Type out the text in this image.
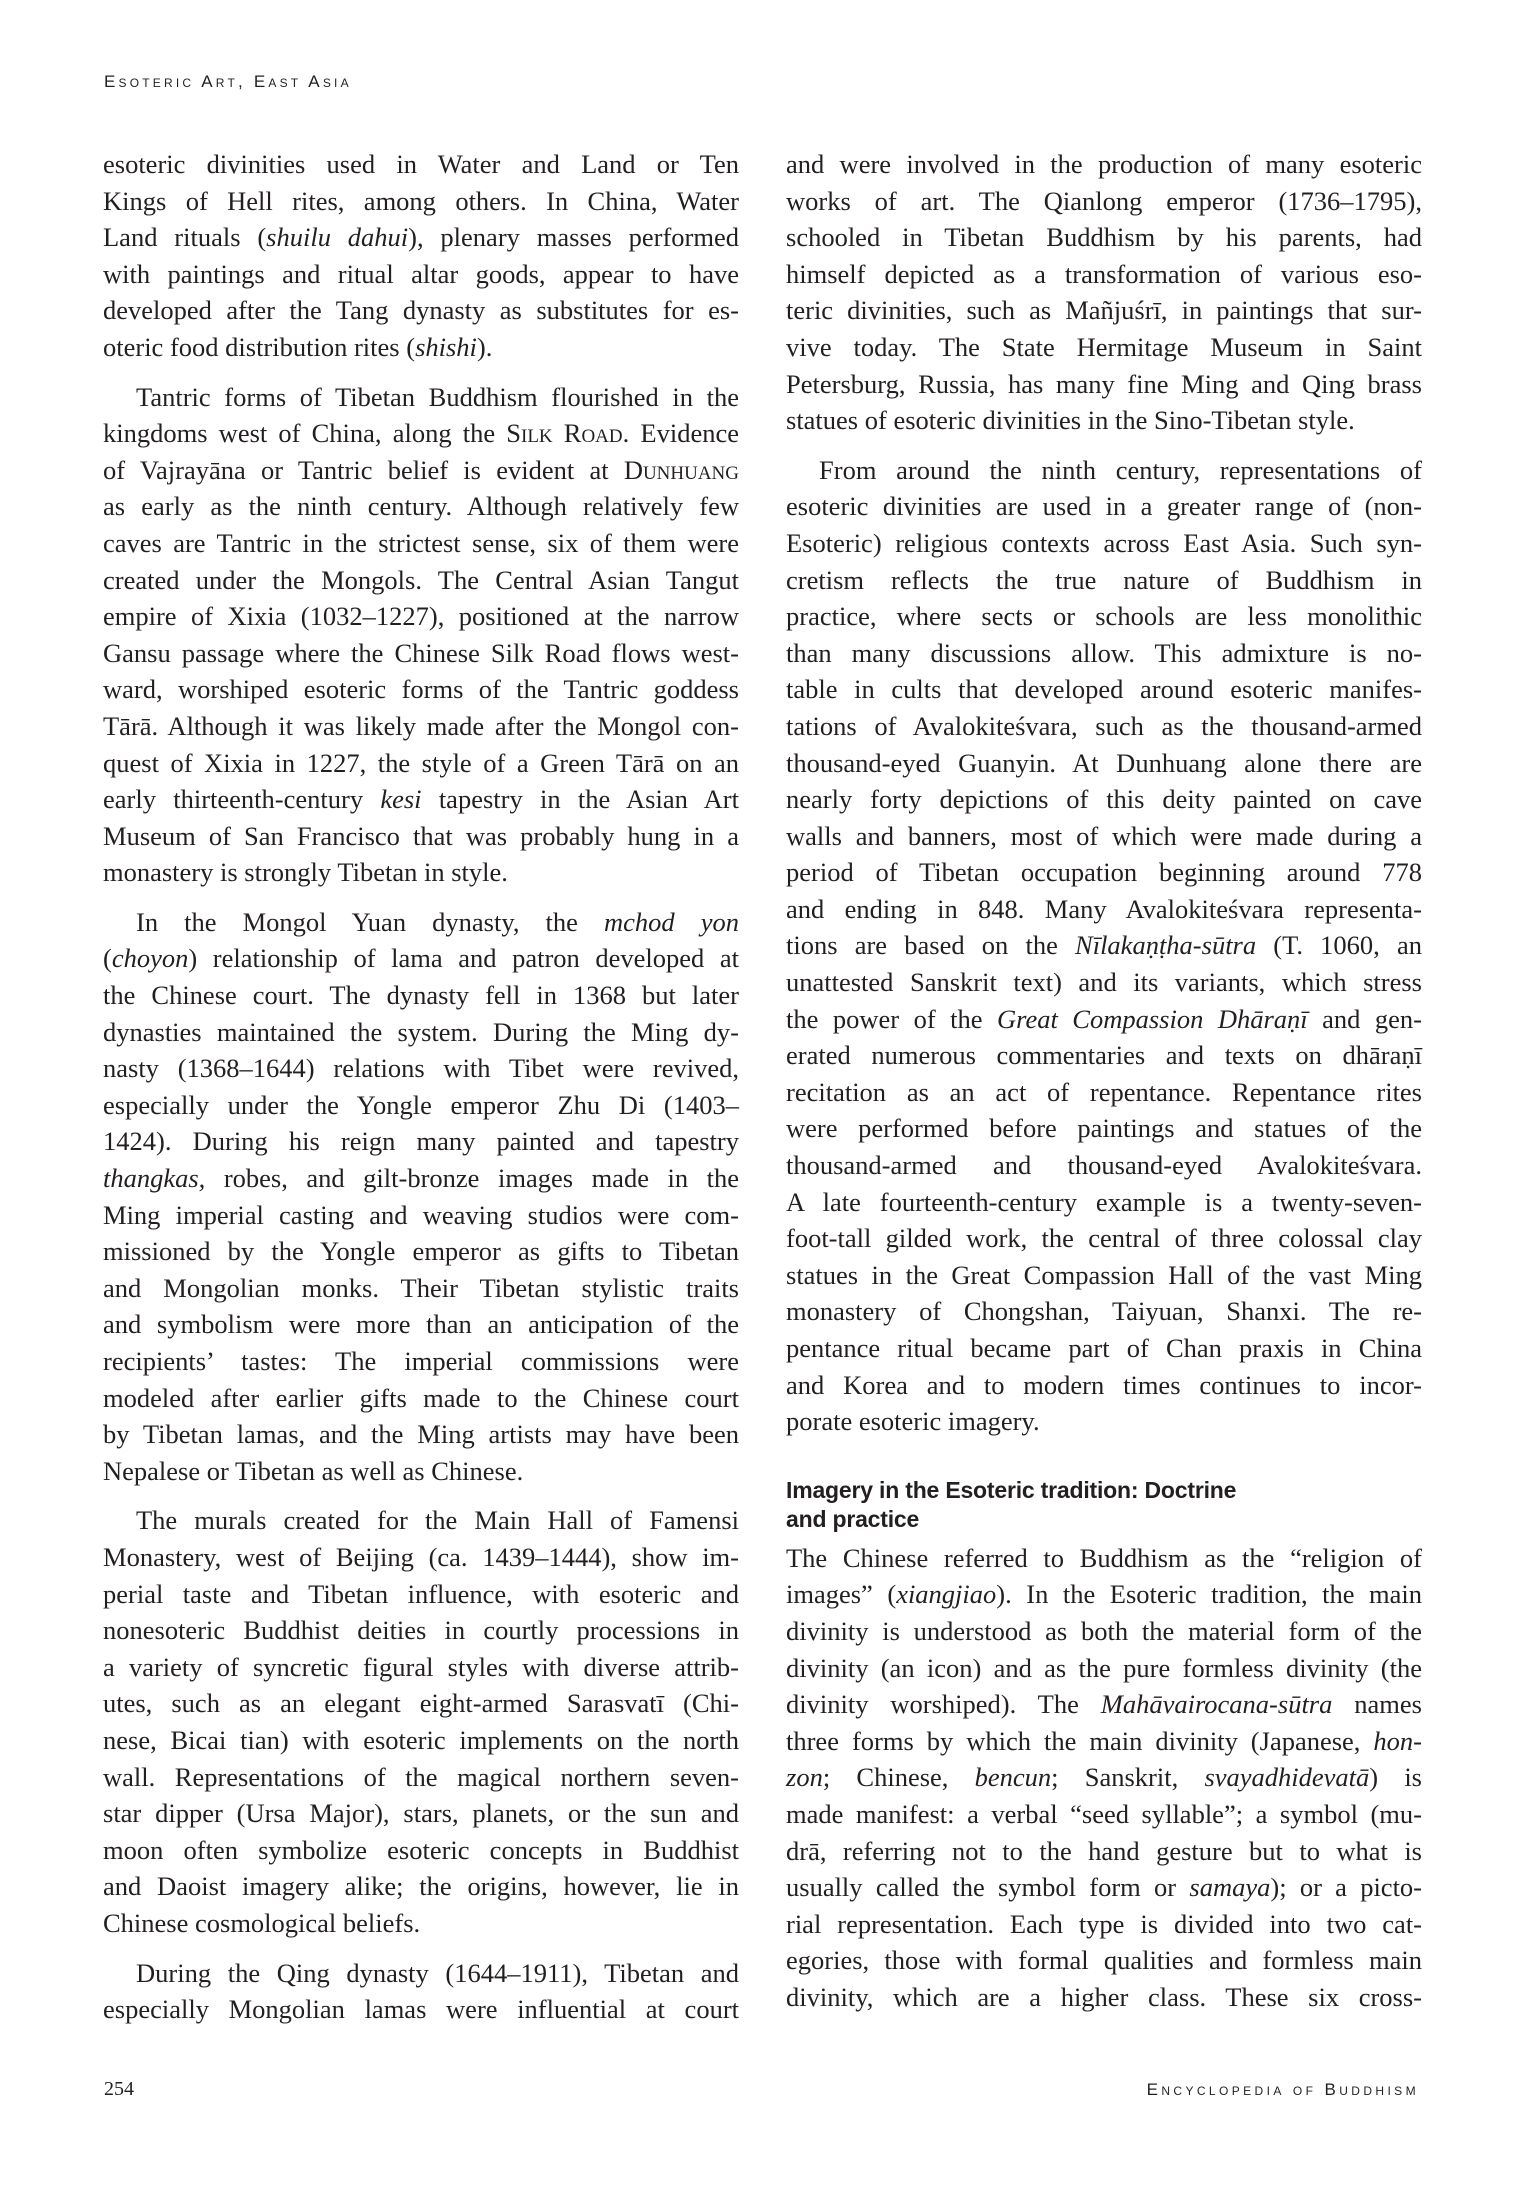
Esoteric Art, East Asia
esoteric divinities used in Water and Land or Ten
Kings of Hell rites, among others. In China, Water
Land rituals (shuilu dahui), plenary masses performed
with paintings and ritual altar goods, appear to have
developed after the Tang dynasty as substitutes for es-
oteric food distribution rites (shishi).
Tantric forms of Tibetan Buddhism flourished in the
kingdoms west of China, along the Silk Road. Evidence
of Vajrayāna or Tantric belief is evident at Dunhuang
as early as the ninth century. Although relatively few
caves are Tantric in the strictest sense, six of them were
created under the Mongols. The Central Asian Tangut
empire of Xixia (1032–1227), positioned at the narrow
Gansu passage where the Chinese Silk Road flows west-
ward, worshiped esoteric forms of the Tantric goddess
Tārā. Although it was likely made after the Mongol con-
quest of Xixia in 1227, the style of a Green Tārā on an
early thirteenth-century kesi tapestry in the Asian Art
Museum of San Francisco that was probably hung in a
monastery is strongly Tibetan in style.
In the Mongol Yuan dynasty, the mchod yon
(choyon) relationship of lama and patron developed at
the Chinese court. The dynasty fell in 1368 but later
dynasties maintained the system. During the Ming dy-
nasty (1368–1644) relations with Tibet were revived,
especially under the Yongle emperor Zhu Di (1403–
1424). During his reign many painted and tapestry
thangkas, robes, and gilt-bronze images made in the
Ming imperial casting and weaving studios were com-
missioned by the Yongle emperor as gifts to Tibetan
and Mongolian monks. Their Tibetan stylistic traits
and symbolism were more than an anticipation of the
recipients’ tastes: The imperial commissions were
modeled after earlier gifts made to the Chinese court
by Tibetan lamas, and the Ming artists may have been
Nepalese or Tibetan as well as Chinese.
The murals created for the Main Hall of Famensi
Monastery, west of Beijing (ca. 1439–1444), show im-
perial taste and Tibetan influence, with esoteric and
nonesoteric Buddhist deities in courtly processions in
a variety of syncretic figural styles with diverse attrib-
utes, such as an elegant eight-armed Sarasvatī (Chi-
nese, Bicai tian) with esoteric implements on the north
wall. Representations of the magical northern seven-
star dipper (Ursa Major), stars, planets, or the sun and
moon often symbolize esoteric concepts in Buddhist
and Daoist imagery alike; the origins, however, lie in
Chinese cosmological beliefs.
During the Qing dynasty (1644–1911), Tibetan and
especially Mongolian lamas were influential at court
and were involved in the production of many esoteric
works of art. The Qianlong emperor (1736–1795),
schooled in Tibetan Buddhism by his parents, had
himself depicted as a transformation of various eso-
teric divinities, such as Mañjuśrī, in paintings that sur-
vive today. The State Hermitage Museum in Saint
Petersburg, Russia, has many fine Ming and Qing brass
statues of esoteric divinities in the Sino-Tibetan style.
From around the ninth century, representations of
esoteric divinities are used in a greater range of (non-
Esoteric) religious contexts across East Asia. Such syn-
cretism reflects the true nature of Buddhism in
practice, where sects or schools are less monolithic
than many discussions allow. This admixture is no-
table in cults that developed around esoteric manifes-
tations of Avalokiteśvara, such as the thousand-armed
thousand-eyed Guanyin. At Dunhuang alone there are
nearly forty depictions of this deity painted on cave
walls and banners, most of which were made during a
period of Tibetan occupation beginning around 778
and ending in 848. Many Avalokiteśvara representa-
tions are based on the Nīlakaṇṭha-sūtra (T. 1060, an
unattested Sanskrit text) and its variants, which stress
the power of the Great Compassion Dhāraṇī and gen-
erated numerous commentaries and texts on dhāraṇī
recitation as an act of repentance. Repentance rites
were performed before paintings and statues of the
thousand-armed and thousand-eyed Avalokiteśvara.
A late fourteenth-century example is a twenty-seven-
foot-tall gilded work, the central of three colossal clay
statues in the Great Compassion Hall of the vast Ming
monastery of Chongshan, Taiyuan, Shanxi. The re-
pentance ritual became part of Chan praxis in China
and Korea and to modern times continues to incor-
porate esoteric imagery.
Imagery in the Esoteric tradition: Doctrine
and practice
The Chinese referred to Buddhism as the “religion of
images” (xiangjiao). In the Esoteric tradition, the main
divinity is understood as both the material form of the
divinity (an icon) and as the pure formless divinity (the
divinity worshiped). The Mahāvairocana-sūtra names
three forms by which the main divinity (Japanese, hon-
zon; Chinese, bencun; Sanskrit, svayadhidevatā) is
made manifest: a verbal “seed syllable”; a symbol (mu-
drā, referring not to the hand gesture but to what is
usually called the symbol form or samaya); or a picto-
rial representation. Each type is divided into two cat-
egories, those with formal qualities and formless main
divinity, which are a higher class. These six cross-
254	Encyclopedia of Buddhism
